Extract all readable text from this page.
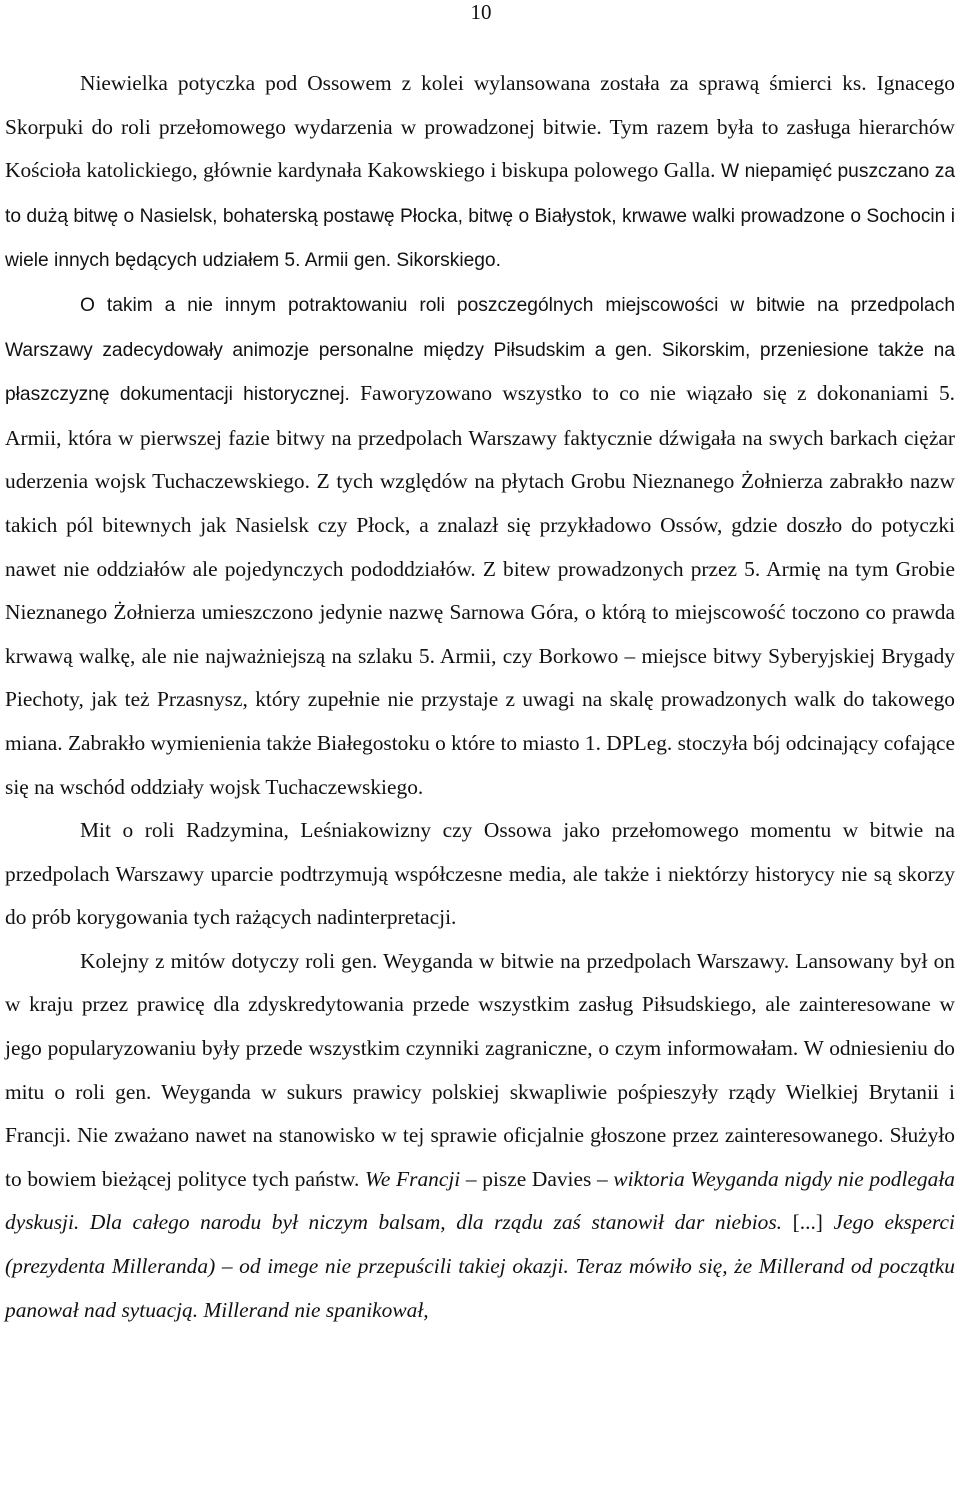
10

Niewielka potyczka pod Ossowem z kolei wylansowana została za sprawą śmierci ks. Ignacego Skorpuki do roli przełomowego wydarzenia w prowadzonej bitwie. Tym razem była to zasługa hierarchów Kościoła katolickiego, głównie kardynała Kakowskiego i biskupa polowego Galla. W niepamięć puszczano za to dużą bitwę o Nasielsk, bohaterską postawę Płocka, bitwę o Białystok, krwawe walki prowadzone o Sochocin i wiele innych będących udziałem 5. Armii gen. Sikorskiego.

O takim a nie innym potraktowaniu roli poszczególnych miejscowości w bitwie na przedpolach Warszawy zadecydowały animozje personalne między Piłsudskim a gen. Sikorskim, przeniesione także na płaszczyznę dokumentacji historycznej. Faworyzowano wszystko to co nie wiązało się z dokonaniami 5. Armii, która w pierwszej fazie bitwy na przedpolach Warszawy faktycznie dźwigała na swych barkach ciężar uderzenia wojsk Tuchaczewskiego. Z tych względów na płytach Grobu Nieznanego Żołnierza zabrakło nazw takich pól bitewnych jak Nasielsk czy Płock, a znalazł się przykładowo Ossów, gdzie doszło do potyczki nawet nie oddziałów ale pojedynczych pododdziałów. Z bitew prowadzonych przez 5. Armię na tym Grobie Nieznanego Żołnierza umieszczono jedynie nazwę Sarnowa Góra, o którą to miejscowość toczono co prawda krwawą walkę, ale nie najważniejszą na szlaku 5. Armii, czy Borkowo – miejsce bitwy Syberyjskiej Brygady Piechoty, jak też Przasnysz, który zupełnie nie przystaje z uwagi na skalę prowadzonych walk do takowego miana. Zabrakło wymienienia także Białegostoku o które to miasto 1. DPLeg. stoczyła bój odcinający cofające się na wschód oddziały wojsk Tuchaczewskiego.

Mit o roli Radzymina, Leśniakowizny czy Ossowa jako przełomowego momentu w bitwie na przedpolach Warszawy uparcie podtrzymują współczesne media, ale także i niektórzy historycy nie są skorzy do prób korygowania tych rażących nadinterpretacji.

Kolejny z mitów dotyczy roli gen. Weyganda w bitwie na przedpolach Warszawy. Lansowany był on w kraju przez prawicę dla zdyskredytowania przede wszystkim zasług Piłsudskiego, ale zainteresowane w jego popularyzowaniu były przede wszystkim czynniki zagraniczne, o czym informowałam. W odniesieniu do mitu o roli gen. Weyganda w sukurs prawicy polskiej skwapliwie pośpieszyły rządy Wielkiej Brytanii i Francji. Nie zważano nawet na stanowisko w tej sprawie oficjalnie głoszone przez zainteresowanego. Służyło to bowiem bieżącej polityce tych państw. We Francji – pisze Davies – wiktoria Weyganda nigdy nie podlegała dyskusji. Dla całego narodu był niczym balsam, dla rządu zaś stanowił dar niebios. [...] Jego eksperci (prezydenta Milleranda) – od imege nie przepuścili takiej okazji. Teraz mówiło się, że Millerand od początku panował nad sytuacją. Millerand nie spanikował,
